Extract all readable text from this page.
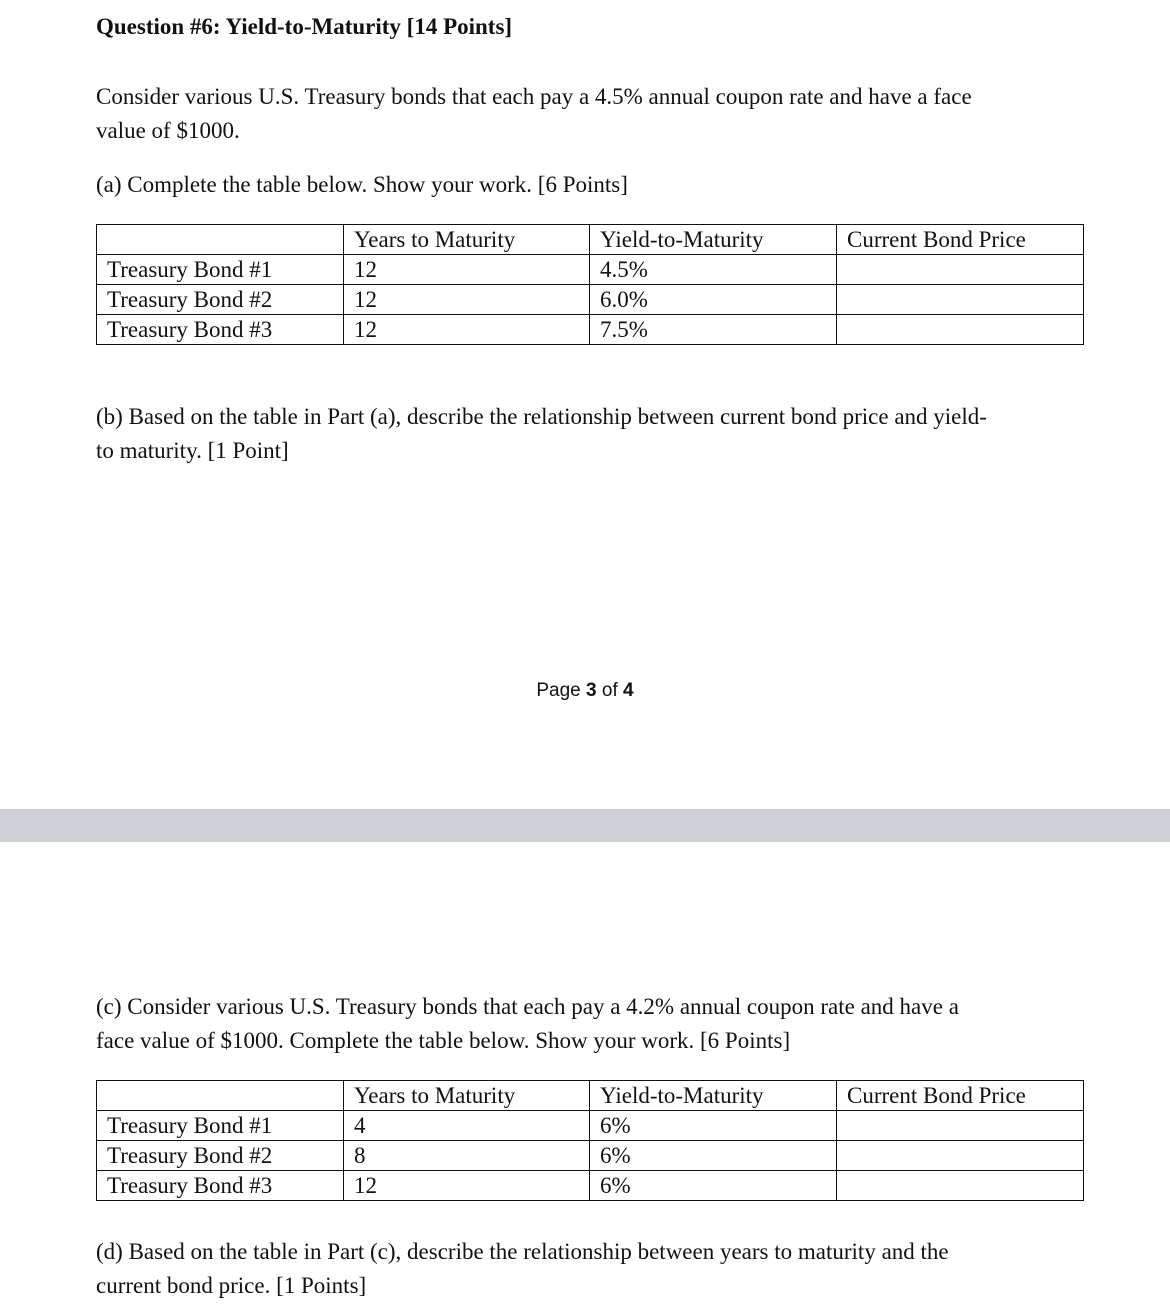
Question #6: Yield-to-Maturity [14 Points]
Consider various U.S. Treasury bonds that each pay a 4.5% annual coupon rate and have a face
value of $1000.
(a) Complete the table below. Show your work. [6 Points]
	Years to Maturity	Yield-to-Maturity	Current Bond Price
Treasury Bond #1	12	4.5%	
Treasury Bond #2	12	6.0%	
Treasury Bond #3	12	7.5%	
(b) Based on the table in Part (a), describe the relationship between current bond price and yield-
to maturity. [1 Point]
Page 3 of 4
(c) Consider various U.S. Treasury bonds that each pay a 4.2% annual coupon rate and have a
face value of $1000. Complete the table below. Show your work. [6 Points]
	Years to Maturity	Yield-to-Maturity	Current Bond Price
Treasury Bond #1	4	6%	
Treasury Bond #2	8	6%	
Treasury Bond #3	12	6%	
(d) Based on the table in Part (c), describe the relationship between years to maturity and the
current bond price. [1 Points]
